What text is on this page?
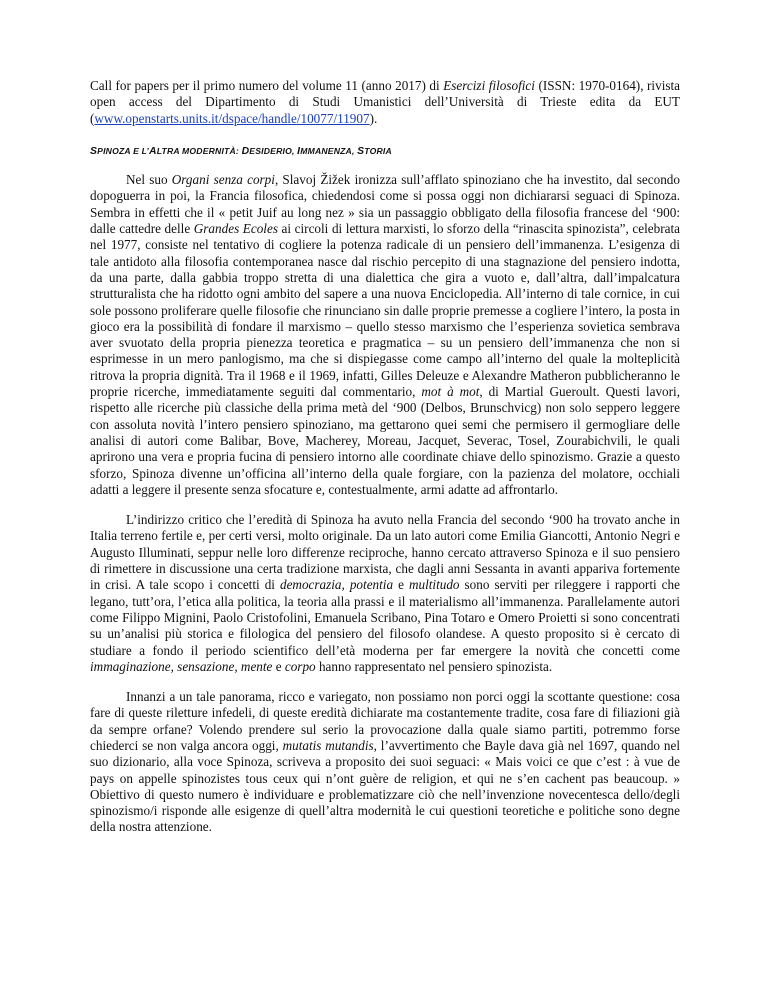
Call for papers per il primo numero del volume 11 (anno 2017) di Esercizi filosofici (ISSN: 1970-0164), rivista open access del Dipartimento di Studi Umanistici dell’Università di Trieste edita da EUT (www.openstarts.units.it/dspace/handle/10077/11907).

SPINOZA E L’ALTRA MODERNITÀ: DESIDERIO, IMMANENZA, STORIA

Nel suo Organi senza corpi, Slavoj Žižek ironizza sull’afflato spinoziano che ha investito, dal secondo dopoguerra in poi, la Francia filosofica, chiedendosi come si possa oggi non dichiararsi seguaci di Spinoza. Sembra in effetti che il « petit Juif au long nez » sia un passaggio obbligato della filosofia francese del ‘900: dalle cattedre delle Grandes Ecoles ai circoli di lettura marxisti, lo sforzo della “rinascita spinozista”, celebrata nel 1977, consiste nel tentativo di cogliere la potenza radicale di un pensiero dell’immanenza. L’esigenza di tale antidoto alla filosofia contemporanea nasce dal rischio percepito di una stagnazione del pensiero indotta, da una parte, dalla gabbia troppo stretta di una dialettica che gira a vuoto e, dall’altra, dall’impalcatura strutturalista che ha ridotto ogni ambito del sapere a una nuova Enciclopedia. All’interno di tale cornice, in cui sole possono proliferare quelle filosofie che rinunciano sin dalle proprie premesse a cogliere l’intero, la posta in gioco era la possibilità di fondare il marxismo – quello stesso marxismo che l’esperienza sovietica sembrava aver svuotato della propria pienezza teoretica e pragmatica – su un pensiero dell’immanenza che non si esprimesse in un mero panlogismo, ma che si dispiegasse come campo all’interno del quale la molteplicità ritrova la propria dignità. Tra il 1968 e il 1969, infatti, Gilles Deleuze e Alexandre Matheron pubblicheranno le proprie ricerche, immediatamente seguiti dal commentario, mot à mot, di Martial Gueroult. Questi lavori, rispetto alle ricerche più classiche della prima metà del ‘900 (Delbos, Brunschvicg) non solo seppero leggere con assoluta novità l’intero pensiero spinoziano, ma gettarono quei semi che permisero il germogliare delle analisi di autori come Balibar, Bove, Macherey, Moreau, Jacquet, Severac, Tosel, Zourabichvili, le quali aprirono una vera e propria fucina di pensiero intorno alle coordinate chiave dello spinozismo. Grazie a questo sforzo, Spinoza divenne un’officina all’interno della quale forgiare, con la pazienza del molatore, occhiali adatti a leggere il presente senza sfocature e, contestualmente, armi adatte ad affrontarlo.

L’indirizzo critico che l’eredità di Spinoza ha avuto nella Francia del secondo ‘900 ha trovato anche in Italia terreno fertile e, per certi versi, molto originale. Da un lato autori come Emilia Giancotti, Antonio Negri e Augusto Illuminati, seppur nelle loro differenze reciproche, hanno cercato attraverso Spinoza e il suo pensiero di rimettere in discussione una certa tradizione marxista, che dagli anni Sessanta in avanti appariva fortemente in crisi. A tale scopo i concetti di democrazia, potentia e multitudo sono serviti per rileggere i rapporti che legano, tutt’ora, l’etica alla politica, la teoria alla prassi e il materialismo all’immanenza. Parallelamente autori come Filippo Mignini, Paolo Cristofolini, Emanuela Scribano, Pina Totaro e Omero Proietti si sono concentrati su un’analisi più storica e filologica del pensiero del filosofo olandese. A questo proposito si è cercato di studiare a fondo il periodo scientifico dell’età moderna per far emergere la novità che concetti come immaginazione, sensazione, mente e corpo hanno rappresentato nel pensiero spinozista.

Innanzi a un tale panorama, ricco e variegato, non possiamo non porci oggi la scottante questione: cosa fare di queste riletture infedeli, di queste eredità dichiarate ma costantemente tradite, cosa fare di filiazioni già da sempre orfane? Volendo prendere sul serio la provocazione dalla quale siamo partiti, potremmo forse chiederci se non valga ancora oggi, mutatis mutandis, l’avvertimento che Bayle dava già nel 1697, quando nel suo dizionario, alla voce Spinoza, scriveva a proposito dei suoi seguaci: « Mais voici ce que c’est : à vue de pays on appelle spinozistes tous ceux qui n’ont guère de religion, et qui ne s’en cachent pas beaucoup. » Obiettivo di questo numero è individuare e problematizzare ciò che nell’invenzione novecentesca dello/degli spinozismo/i risponde alle esigenze di quell’altra modernità le cui questioni teoretiche e politiche sono degne della nostra attenzione.
